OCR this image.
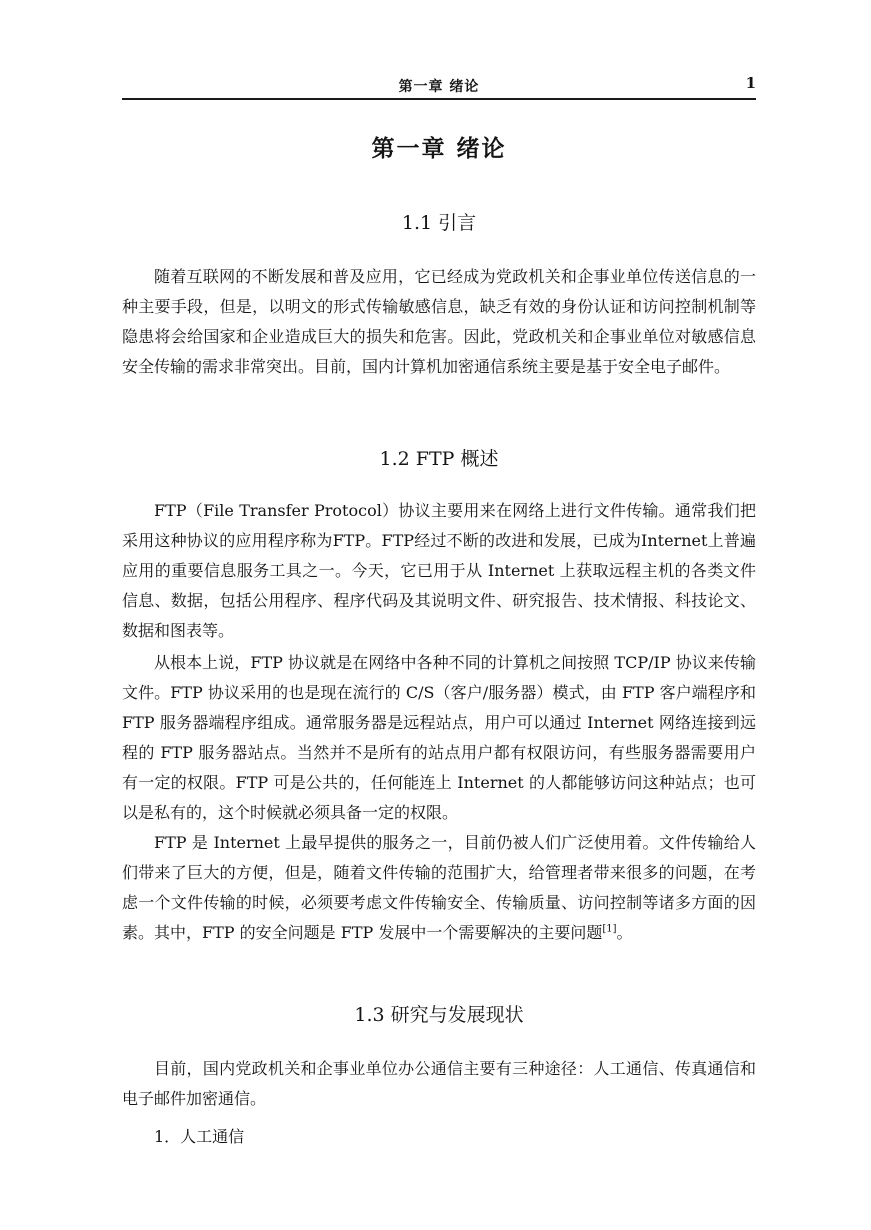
第一章 绪论	1
第一章 绪论
1.1 引言

随着互联网的不断发展和普及应用，它已经成为党政机关和企事业单位传送信息的一种主要手段，但是，以明文的形式传输敏感信息，缺乏有效的身份认证和访问控制机制等隐患将会给国家和企业造成巨大的损失和危害。因此，党政机关和企事业单位对敏感信息安全传输的需求非常突出。目前，国内计算机加密通信系统主要是基于安全电子邮件。

1.2 FTP 概述

FTP（File Transfer Protocol）协议主要用来在网络上进行文件传输。通常我们把采用这种协议的应用程序称为FTP。FTP经过不断的改进和发展，已成为Internet上普遍应用的重要信息服务工具之一。今天，它已用于从 Internet 上获取远程主机的各类文件信息、数据，包括公用程序、程序代码及其说明文件、研究报告、技术情报、科技论文、数据和图表等。

从根本上说，FTP 协议就是在网络中各种不同的计算机之间按照 TCP/IP 协议来传输文件。FTP 协议采用的也是现在流行的 C/S（客户/服务器）模式，由 FTP 客户端程序和 FTP 服务器端程序组成。通常服务器是远程站点，用户可以通过 Internet 网络连接到远程的 FTP 服务器站点。当然并不是所有的站点用户都有权限访问，有些服务器需要用户有一定的权限。FTP 可是公共的，任何能连上 Internet 的人都能够访问这种站点；也可以是私有的，这个时候就必须具备一定的权限。

FTP 是 Internet 上最早提供的服务之一，目前仍被人们广泛使用着。文件传输给人们带来了巨大的方便，但是，随着文件传输的范围扩大，给管理者带来很多的问题，在考虑一个文件传输的时候，必须要考虑文件传输安全、传输质量、访问控制等诸多方面的因素。其中，FTP 的安全问题是 FTP 发展中一个需要解决的主要问题[1]。

1.3 研究与发展现状

目前，国内党政机关和企事业单位办公通信主要有三种途径：人工通信、传真通信和电子邮件加密通信。

1．人工通信
